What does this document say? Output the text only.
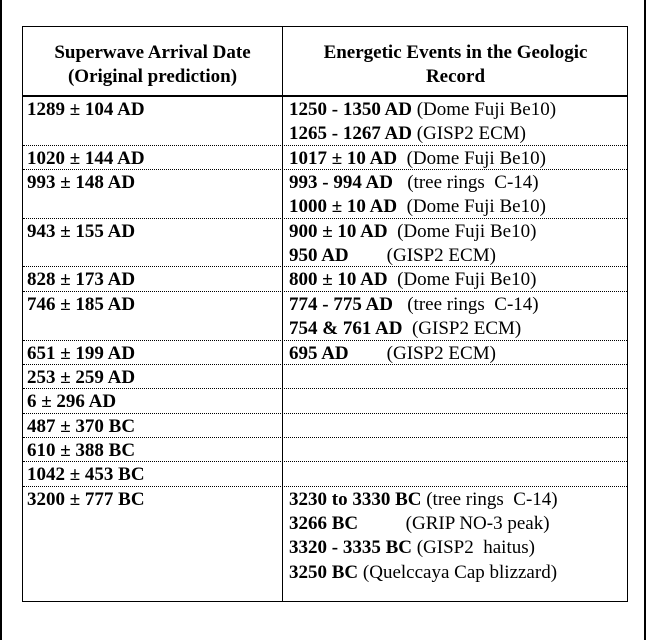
Superwave Arrival Date
(Original prediction)
Energetic Events in the Geologic
Record
1289 ± 104 AD	1250 - 1350 AD (Dome Fuji Be10)
1265 - 1267 AD (GISP2 ECM)
1020 ± 144 AD	1017 ± 10 AD  (Dome Fuji Be10)
993 ± 148 AD	993 - 994 AD   (tree rings  C-14)
1000 ± 10 AD  (Dome Fuji Be10)
943 ± 155 AD	900 ± 10 AD  (Dome Fuji Be10)
950 AD        (GISP2 ECM)
828 ± 173 AD	800 ± 10 AD  (Dome Fuji Be10)
746 ± 185 AD	774 - 775 AD   (tree rings  C-14)
754 & 761 AD  (GISP2 ECM)
651 ± 199 AD	695 AD        (GISP2 ECM)
253 ± 259 AD
6 ± 296 AD
487 ± 370 BC
610 ± 388 BC
1042 ± 453 BC
3200 ± 777 BC	3230 to 3330 BC (tree rings  C-14)
3266 BC          (GRIP NO-3 peak)
3320 - 3335 BC (GISP2  haitus)
3250 BC (Quelccaya Cap blizzard)
